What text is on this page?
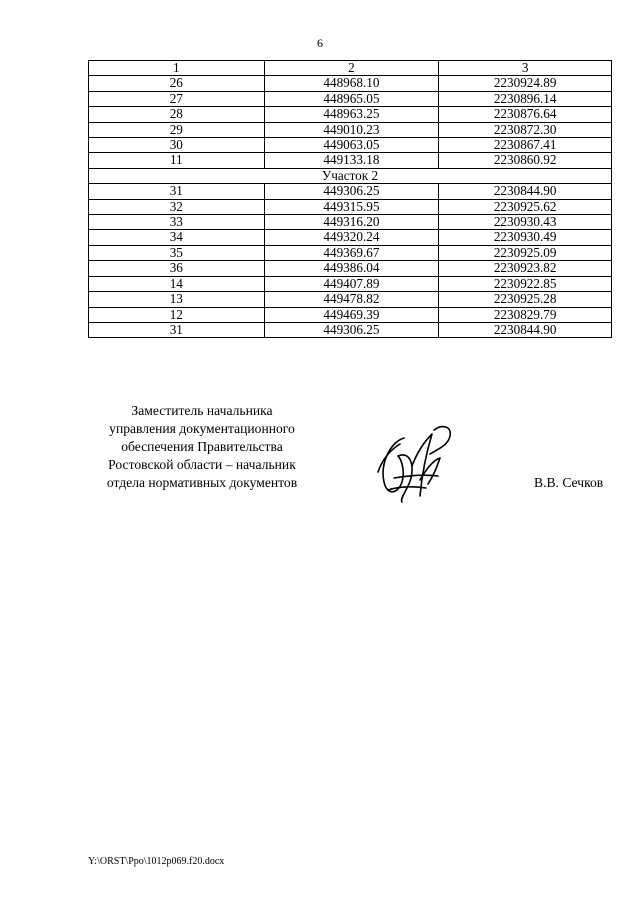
6
1	2	3
26	448968.10	2230924.89
27	448965.05	2230896.14
28	448963.25	2230876.64
29	449010.23	2230872.30
30	449063.05	2230867.41
11	449133.18	2230860.92
Участок 2		
31	449306.25	2230844.90
32	449315.95	2230925.62
33	449316.20	2230930.43
34	449320.24	2230930.49
35	449369.67	2230925.09
36	449386.04	2230923.82
14	449407.89	2230922.85
13	449478.82	2230925.28
12	449469.39	2230829.79
31	449306.25	2230844.90
Заместитель начальника
управления документационного
обеспечения Правительства
Ростовской области – начальник
отдела нормативных документов	В.В. Сечков
Y:\ORST\Ppo\1012p069.f20.docx
